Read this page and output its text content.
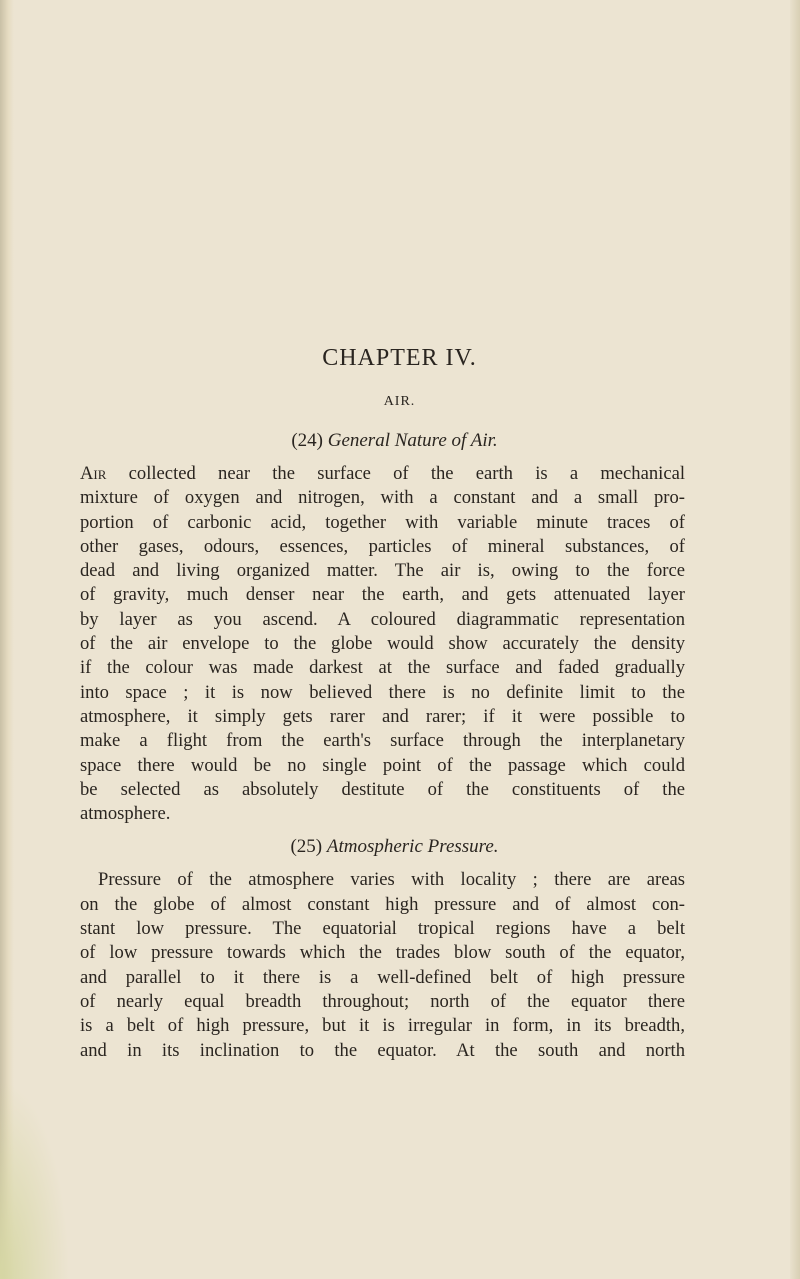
CHAPTER IV.
AIR.
(24) General Nature of Air.
Air collected near the surface of the earth is a mechanical
mixture of oxygen and nitrogen, with a constant and a small pro-
portion of carbonic acid, together with variable minute traces of
other gases, odours, essences, particles of mineral substances, of
dead and living organized matter. The air is, owing to the force
of gravity, much denser near the earth, and gets attenuated layer
by layer as you ascend. A coloured diagrammatic representation
of the air envelope to the globe would show accurately the density
if the colour was made darkest at the surface and faded gradually
into space ; it is now believed there is no definite limit to the
atmosphere, it simply gets rarer and rarer; if it were possible to
make a flight from the earth's surface through the interplanetary
space there would be no single point of the passage which could
be selected as absolutely destitute of the constituents of the
atmosphere.
(25) Atmospheric Pressure.
Pressure of the atmosphere varies with locality ; there are areas
on the globe of almost constant high pressure and of almost con-
stant low pressure. The equatorial tropical regions have a belt
of low pressure towards which the trades blow south of the equator,
and parallel to it there is a well-defined belt of high pressure
of nearly equal breadth throughout; north of the equator there
is a belt of high pressure, but it is irregular in form, in its breadth,
and in its inclination to the equator. At the south and north
